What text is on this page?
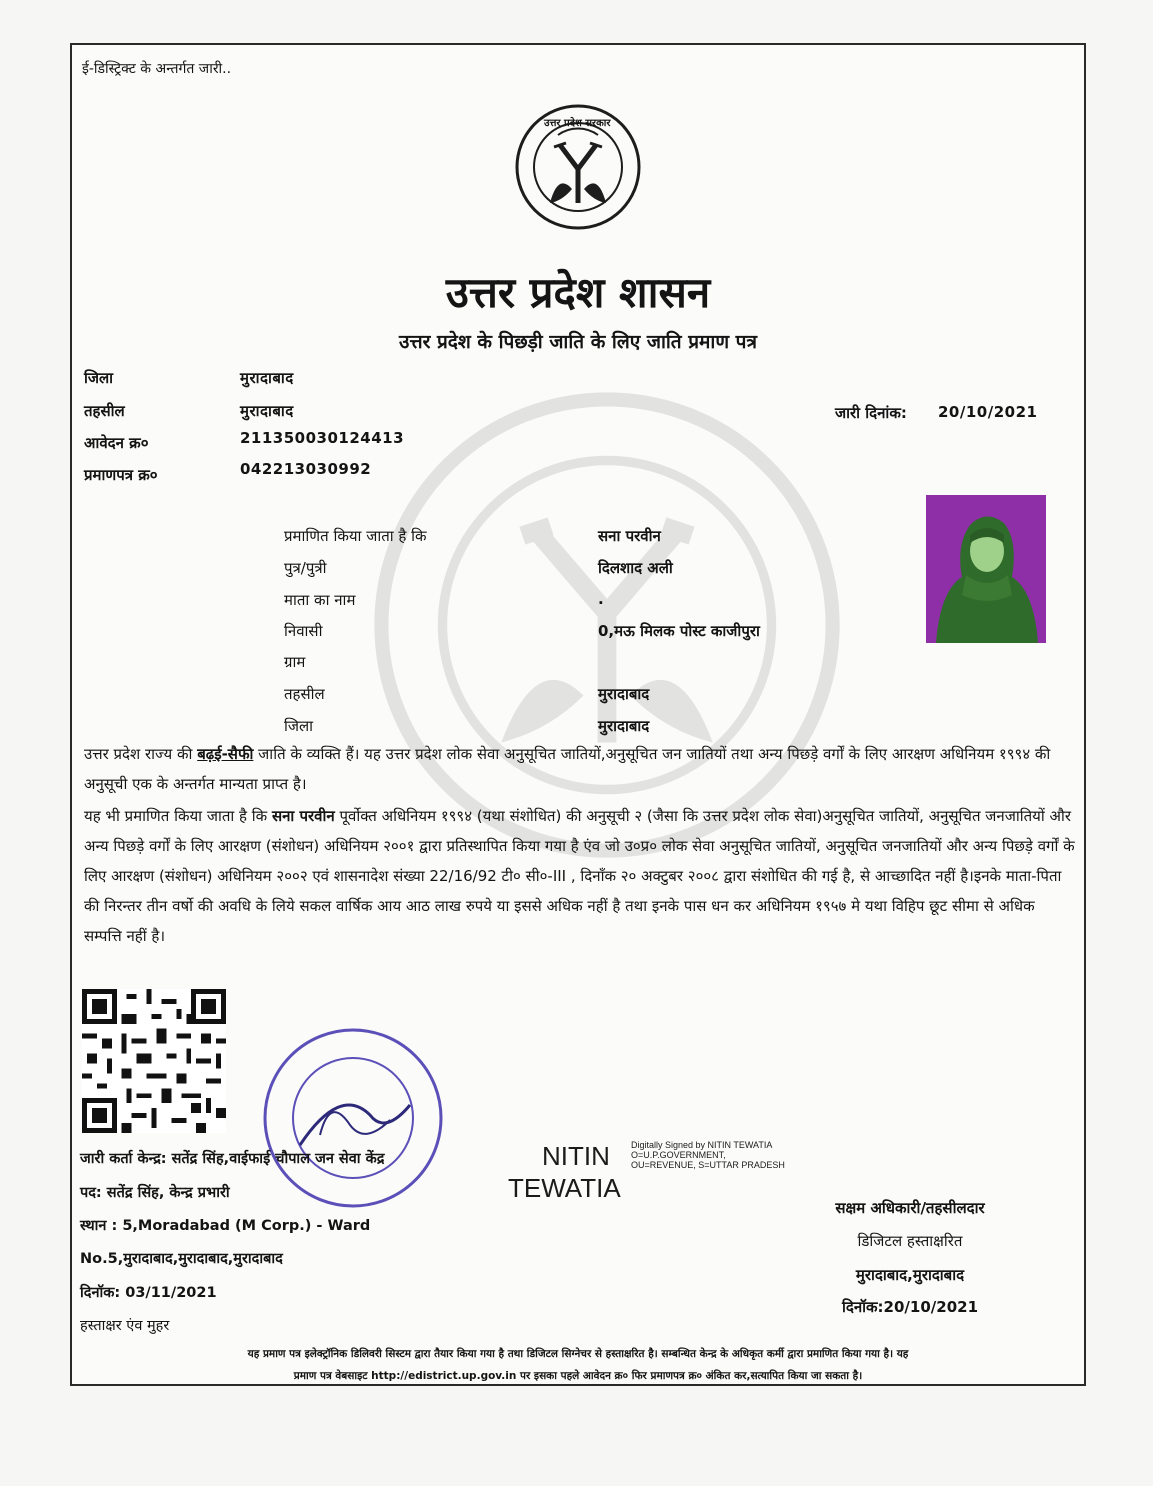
ई-डिस्ट्रिक्ट के अन्तर्गत जारी..
उत्तर प्रदेश सरकार
उत्तर प्रदेश शासन
उत्तर प्रदेश के पिछड़ी जाति के लिए जाति प्रमाण पत्र
जिला	मुरादाबाद
तहसील	मुरादाबाद
आवेदन क्र०	211350030124413
प्रमाणपत्र क्र०	042213030992
जारी दिनांक: 20/10/2021
प्रमाणित किया जाता है कि	सना परवीन
पुत्र/पुत्री	दिलशाद अली
माता का नाम	.
निवासी	0,मऊ मिलक पोस्ट काजीपुरा
ग्राम
तहसील	मुरादाबाद
जिला	मुरादाबाद
उत्तर प्रदेश राज्य की बढ़ई-सैफी जाति के व्यक्ति हैं। यह उत्तर प्रदेश लोक सेवा अनुसूचित जातियों,अनुसूचित जन जातियों तथा अन्य पिछड़े वर्गों के लिए आरक्षण अधिनियम १९९४ की अनुसूची एक के अन्तर्गत मान्यता प्राप्त है।
यह भी प्रमाणित किया जाता है कि सना परवीन पूर्वोक्त अधिनियम १९९४ (यथा संशोधित) की अनुसूची २ (जैसा कि उत्तर प्रदेश लोक सेवा)अनुसूचित जातियों, अनुसूचित जनजातियों और अन्य पिछड़े वर्गों के लिए आरक्षण (संशोधन) अधिनियम २००१ द्वारा प्रतिस्थापित किया गया है एंव जो उ०प्र० लोक सेवा अनुसूचित जातियों, अनुसूचित जनजातियों और अन्य पिछड़े वर्गों के लिए आरक्षण (संशोधन) अधिनियम २००२ एवं शासनादेश संख्या 22/16/92 टी० सी०-III , दिनाँक २० अक्टुबर २००८ द्वारा संशोधित की गई है, से आच्छादित नहीं है।इनके माता-पिता की निरन्तर तीन वर्षो की अवधि के लिये सकल वार्षिक आय आठ लाख रुपये या इससे अधिक नहीं है तथा इनके पास धन कर अधिनियम १९५७ मे यथा विहिप छूट सीमा से अधिक सम्पत्ति नहीं है।
जारी कर्ता केन्द्र: सतेंद्र सिंह,वाईफाई चौपाल जन सेवा केंद्र
पद: सतेंद्र सिंह, केन्द्र प्रभारी
स्थान : 5,Moradabad (M Corp.) - Ward
No.5,मुरादाबाद,मुरादाबाद,मुरादाबाद
दिनॉक: 03/11/2021
हस्ताक्षर एंव मुहर
NITIN
TEWATIA
Digitally Signed by NITIN TEWATIA O=U.P.GOVERNMENT, OU=REVENUE, S=UTTAR PRADESH
सक्षम अधिकारी/तहसीलदार
डिजिटल हस्ताक्षरित
मुरादाबाद,मुरादाबाद
दिनॉक:20/10/2021
यह प्रमाण पत्र इलेक्ट्रॉनिक डिलिवरी सिस्टम द्वारा तैयार किया गया है तथा डिजिटल सिग्नेचर से हस्ताक्षरित है। सम्बन्धित केन्द्र के अधिकृत कर्मी द्वारा प्रमाणित किया गया है। यह
प्रमाण पत्र वेबसाइट http://edistrict.up.gov.in पर इसका पहले आवेदन क्र० फिर प्रमाणपत्र क्र० अंकित कर,सत्यापित किया जा सकता है।
